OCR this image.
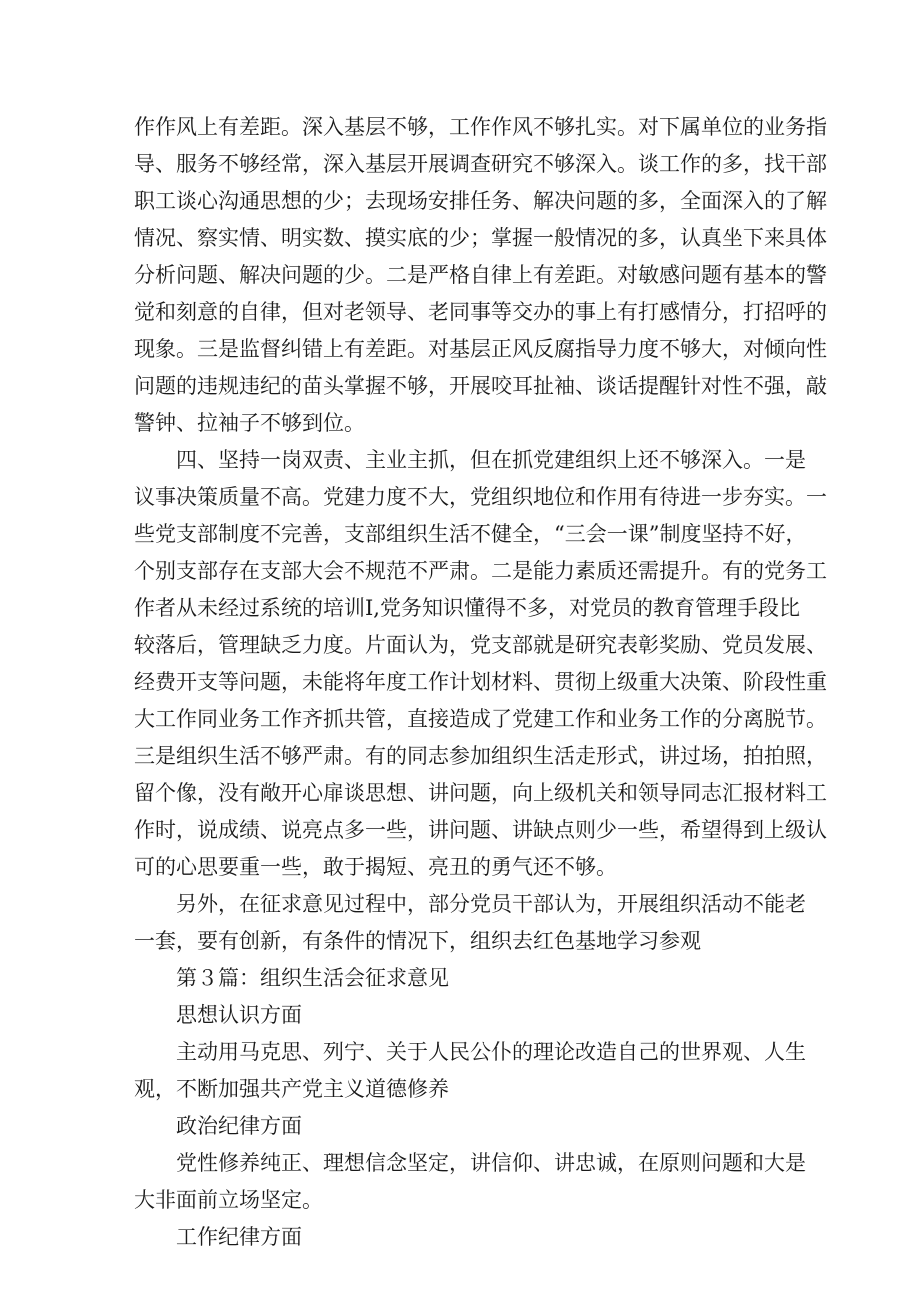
作作风上有差距。深入基层不够，工作作风不够扎实。对下属单位的业务指
导、服务不够经常，深入基层开展调查研究不够深入。谈工作的多，找干部
职工谈心沟通思想的少；去现场安排任务、解决问题的多，全面深入的了解
情况、察实情、明实数、摸实底的少；掌握一般情况的多，认真坐下来具体
分析问题、解决问题的少。二是严格自律上有差距。对敏感问题有基本的警
觉和刻意的自律，但对老领导、老同事等交办的事上有打感情分，打招呼的
现象。三是监督纠错上有差距。对基层正风反腐指导力度不够大，对倾向性
问题的违规违纪的苗头掌握不够，开展咬耳扯袖、谈话提醒针对性不强，敲
警钟、拉袖子不够到位。
四、坚持一岗双责、主业主抓，但在抓党建组织上还不够深入。一是
议事决策质量不高。党建力度不大，党组织地位和作用有待进一步夯实。一
些党支部制度不完善，支部组织生活不健全，“三会一课”制度坚持不好，
个别支部存在支部大会不规范不严肃。二是能力素质还需提升。有的党务工
作者从未经过系统的培训I,党务知识懂得不多，对党员的教育管理手段比
较落后，管理缺乏力度。片面认为，党支部就是研究表彰奖励、党员发展、
经费开支等问题，未能将年度工作计划材料、贯彻上级重大决策、阶段性重
大工作同业务工作齐抓共管，直接造成了党建工作和业务工作的分离脱节。
三是组织生活不够严肃。有的同志参加组织生活走形式，讲过场，拍拍照，
留个像，没有敞开心扉谈思想、讲问题，向上级机关和领导同志汇报材料工
作时，说成绩、说亮点多一些，讲问题、讲缺点则少一些，希望得到上级认
可的心思要重一些，敢于揭短、亮丑的勇气还不够。
另外，在征求意见过程中，部分党员干部认为，开展组织活动不能老
一套，要有创新，有条件的情况下，组织去红色基地学习参观
第３篇：组织生活会征求意见
思想认识方面
主动用马克思、列宁、关于人民公仆的理论改造自己的世界观、人生
观，不断加强共产党主义道德修养
政治纪律方面
党性修养纯正、理想信念坚定，讲信仰、讲忠诚，在原则问题和大是
大非面前立场坚定。
工作纪律方面
